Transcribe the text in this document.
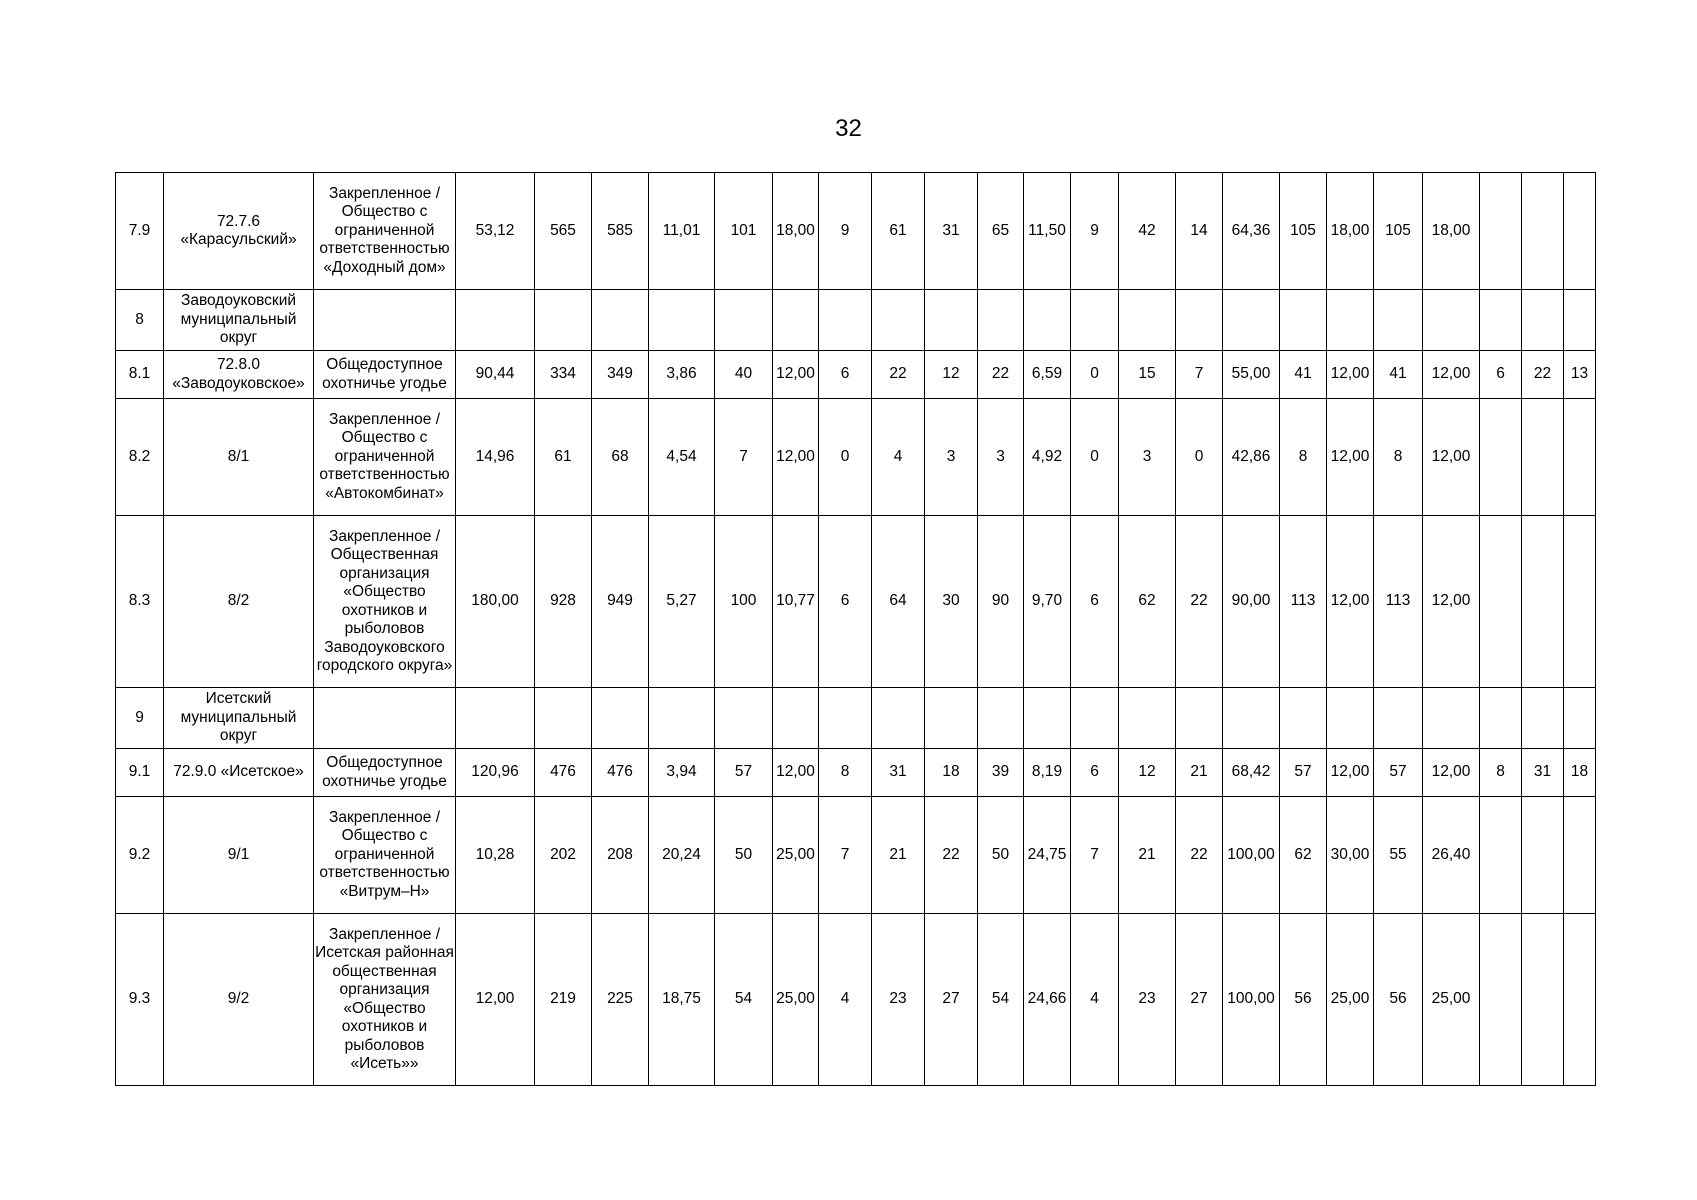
32
7.9	72.7.6 «Карасульский»	Закрепленное / Общество с ограниченной ответственностью «Доходный дом»	53,12	565	585	11,01	101	18,00	9	61	31	65	11,50	9	42	14	64,36	105	18,00	105	18,00			
8	Заводоуковский муниципальный округ																							
8.1	72.8.0 «Заводоуковское»	Общедоступное охотничье угодье	90,44	334	349	3,86	40	12,00	6	22	12	22	6,59	0	15	7	55,00	41	12,00	41	12,00	6	22	13
8.2	8/1	Закрепленное / Общество с ограниченной ответственностью «Автокомбинат»	14,96	61	68	4,54	7	12,00	0	4	3	3	4,92	0	3	0	42,86	8	12,00	8	12,00			
8.3	8/2	Закрепленное / Общественная организация «Общество охотников и рыболовов Заводоуковского городского округа»	180,00	928	949	5,27	100	10,77	6	64	30	90	9,70	6	62	22	90,00	113	12,00	113	12,00			
9	Исетский муниципальный округ																							
9.1	72.9.0 «Исетское»	Общедоступное охотничье угодье	120,96	476	476	3,94	57	12,00	8	31	18	39	8,19	6	12	21	68,42	57	12,00	57	12,00	8	31	18
9.2	9/1	Закрепленное / Общество с ограниченной ответственностью «Витрум–Н»	10,28	202	208	20,24	50	25,00	7	21	22	50	24,75	7	21	22	100,00	62	30,00	55	26,40			
9.3	9/2	Закрепленное / Исетская районная общественная организация «Общество охотников и рыболовов «Исеть»»	12,00	219	225	18,75	54	25,00	4	23	27	54	24,66	4	23	27	100,00	56	25,00	56	25,00			
